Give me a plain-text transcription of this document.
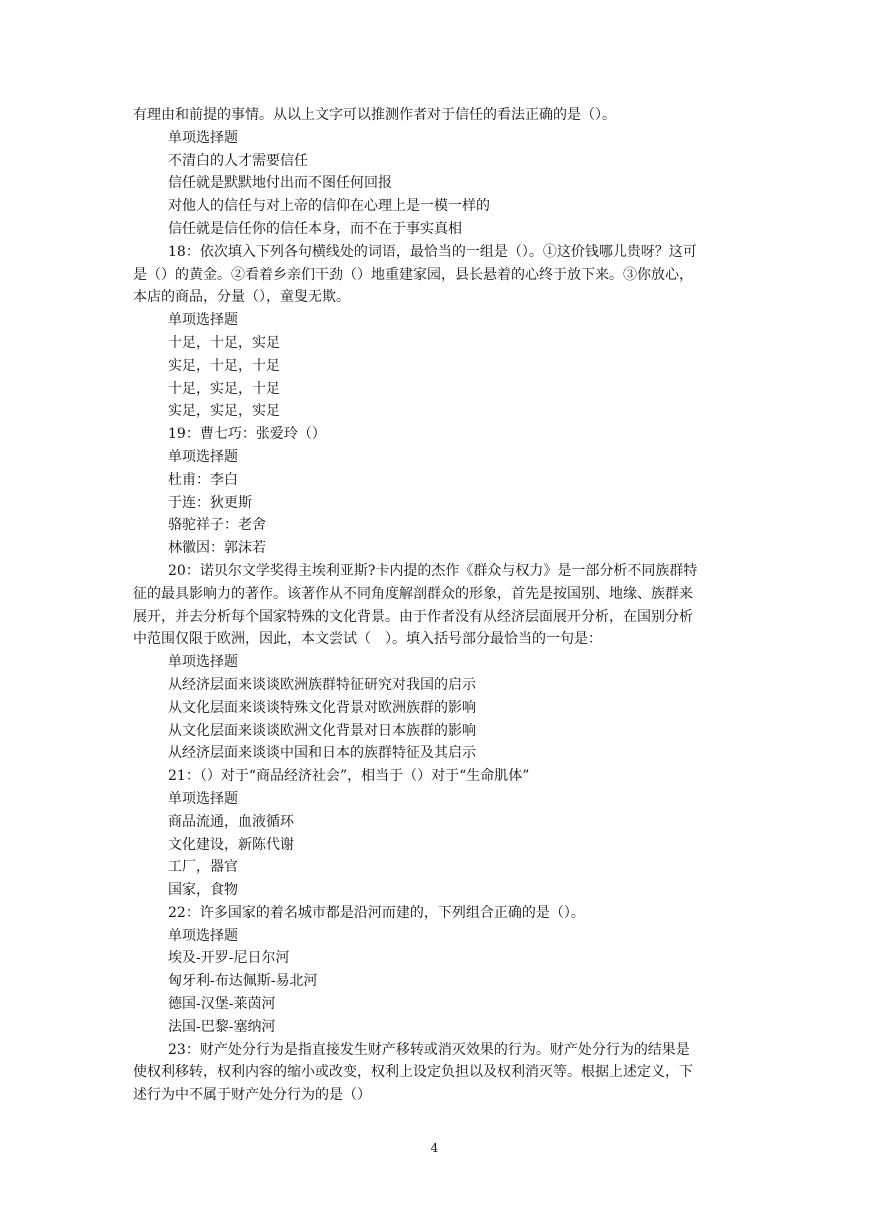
有理由和前提的事情。从以上文字可以推测作者对于信任的看法正确的是（）。
单项选择题
不清白的人才需要信任
信任就是默默地付出而不图任何回报
对他人的信任与对上帝的信仰在心理上是一模一样的
信任就是信任你的信任本身，而不在于事实真相
18：依次填入下列各句横线处的词语，最恰当的一组是（）。①这价钱哪儿贵呀？这可
是（）的黄金。②看着乡亲们干劲（）地重建家园，县长悬着的心终于放下来。③你放心，
本店的商品，分量（），童叟无欺。
单项选择题
十足，十足，实足
实足，十足，十足
十足，实足，十足
实足，实足，实足
19：曹七巧：张爱玲（）
单项选择题
杜甫：李白
于连：狄更斯
骆驼祥子：老舍
林徽因：郭沫若
20：诺贝尔文学奖得主埃利亚斯?卡内提的杰作《群众与权力》是一部分析不同族群特
征的最具影响力的著作。该著作从不同角度解剖群众的形象，首先是按国别、地缘、族群来
展开，并去分析每个国家特殊的文化背景。由于作者没有从经济层面展开分析，在国别分析
中范围仅限于欧洲，因此，本文尝试（　）。填入括号部分最恰当的一句是：
单项选择题
从经济层面来谈谈欧洲族群特征研究对我国的启示
从文化层面来谈谈特殊文化背景对欧洲族群的影响
从文化层面来谈谈欧洲文化背景对日本族群的影响
从经济层面来谈谈中国和日本的族群特征及其启示
21：（）对于“商品经济社会”，相当于（）对于“生命肌体”
单项选择题
商品流通，血液循环
文化建设，新陈代谢
工厂，器官
国家，食物
22：许多国家的着名城市都是沿河而建的，下列组合正确的是（）。
单项选择题
埃及-开罗-尼日尔河
匈牙利-布达佩斯-易北河
德国-汉堡-莱茵河
法国-巴黎-塞纳河
23：财产处分行为是指直接发生财产移转或消灭效果的行为。财产处分行为的结果是
使权利移转，权利内容的缩小或改变，权利上设定负担以及权利消灭等。根据上述定义，下
述行为中不属于财产处分行为的是（）
4
